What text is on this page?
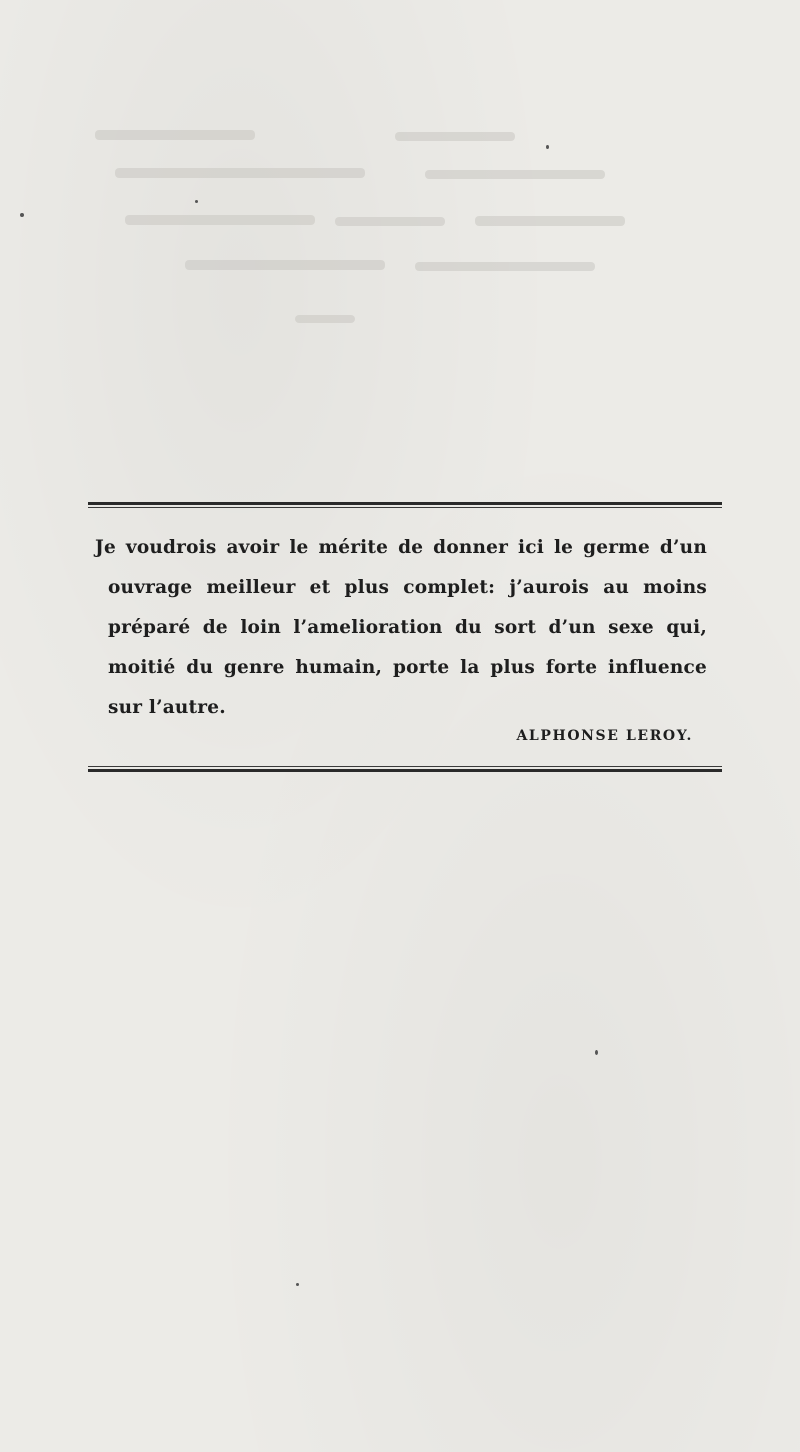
Je voudrois avoir le mérite de donner ici le germe d’un
ouvrage meilleur et plus complet: j’aurois au moins
préparé de loin l’amelioration du sort d’un sexe qui,
moitié du genre humain, porte la plus forte influence
sur l’autre.
ALPHONSE LEROY.
